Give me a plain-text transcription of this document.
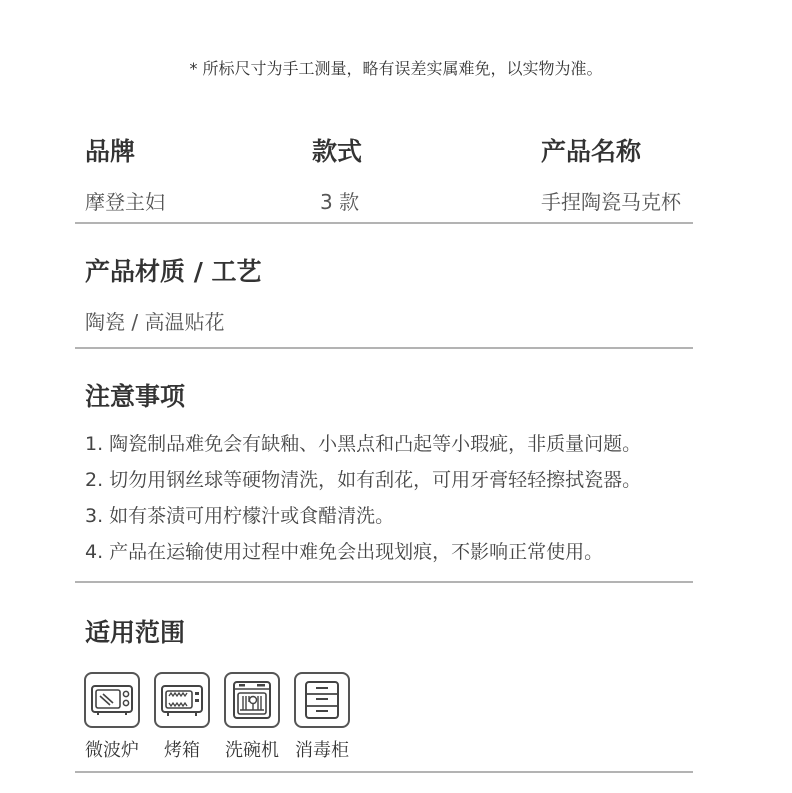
* 所标尺寸为手工测量，略有误差实属难免，以实物为准。
品牌
摩登主妇
款式
3 款
产品名称
手捏陶瓷马克杯
产品材质 / 工艺
陶瓷 / 高温贴花
注意事项
1. 陶瓷制品难免会有缺釉、小黑点和凸起等小瑕疵，非质量问题。
2. 切勿用钢丝球等硬物清洗，如有刮花，可用牙膏轻轻擦拭瓷器。
3. 如有茶渍可用柠檬汁或食醋清洗。
4. 产品在运输使用过程中难免会出现划痕，不影响正常使用。
适用范围
微波炉 烤箱 洗碗机 消毒柜
